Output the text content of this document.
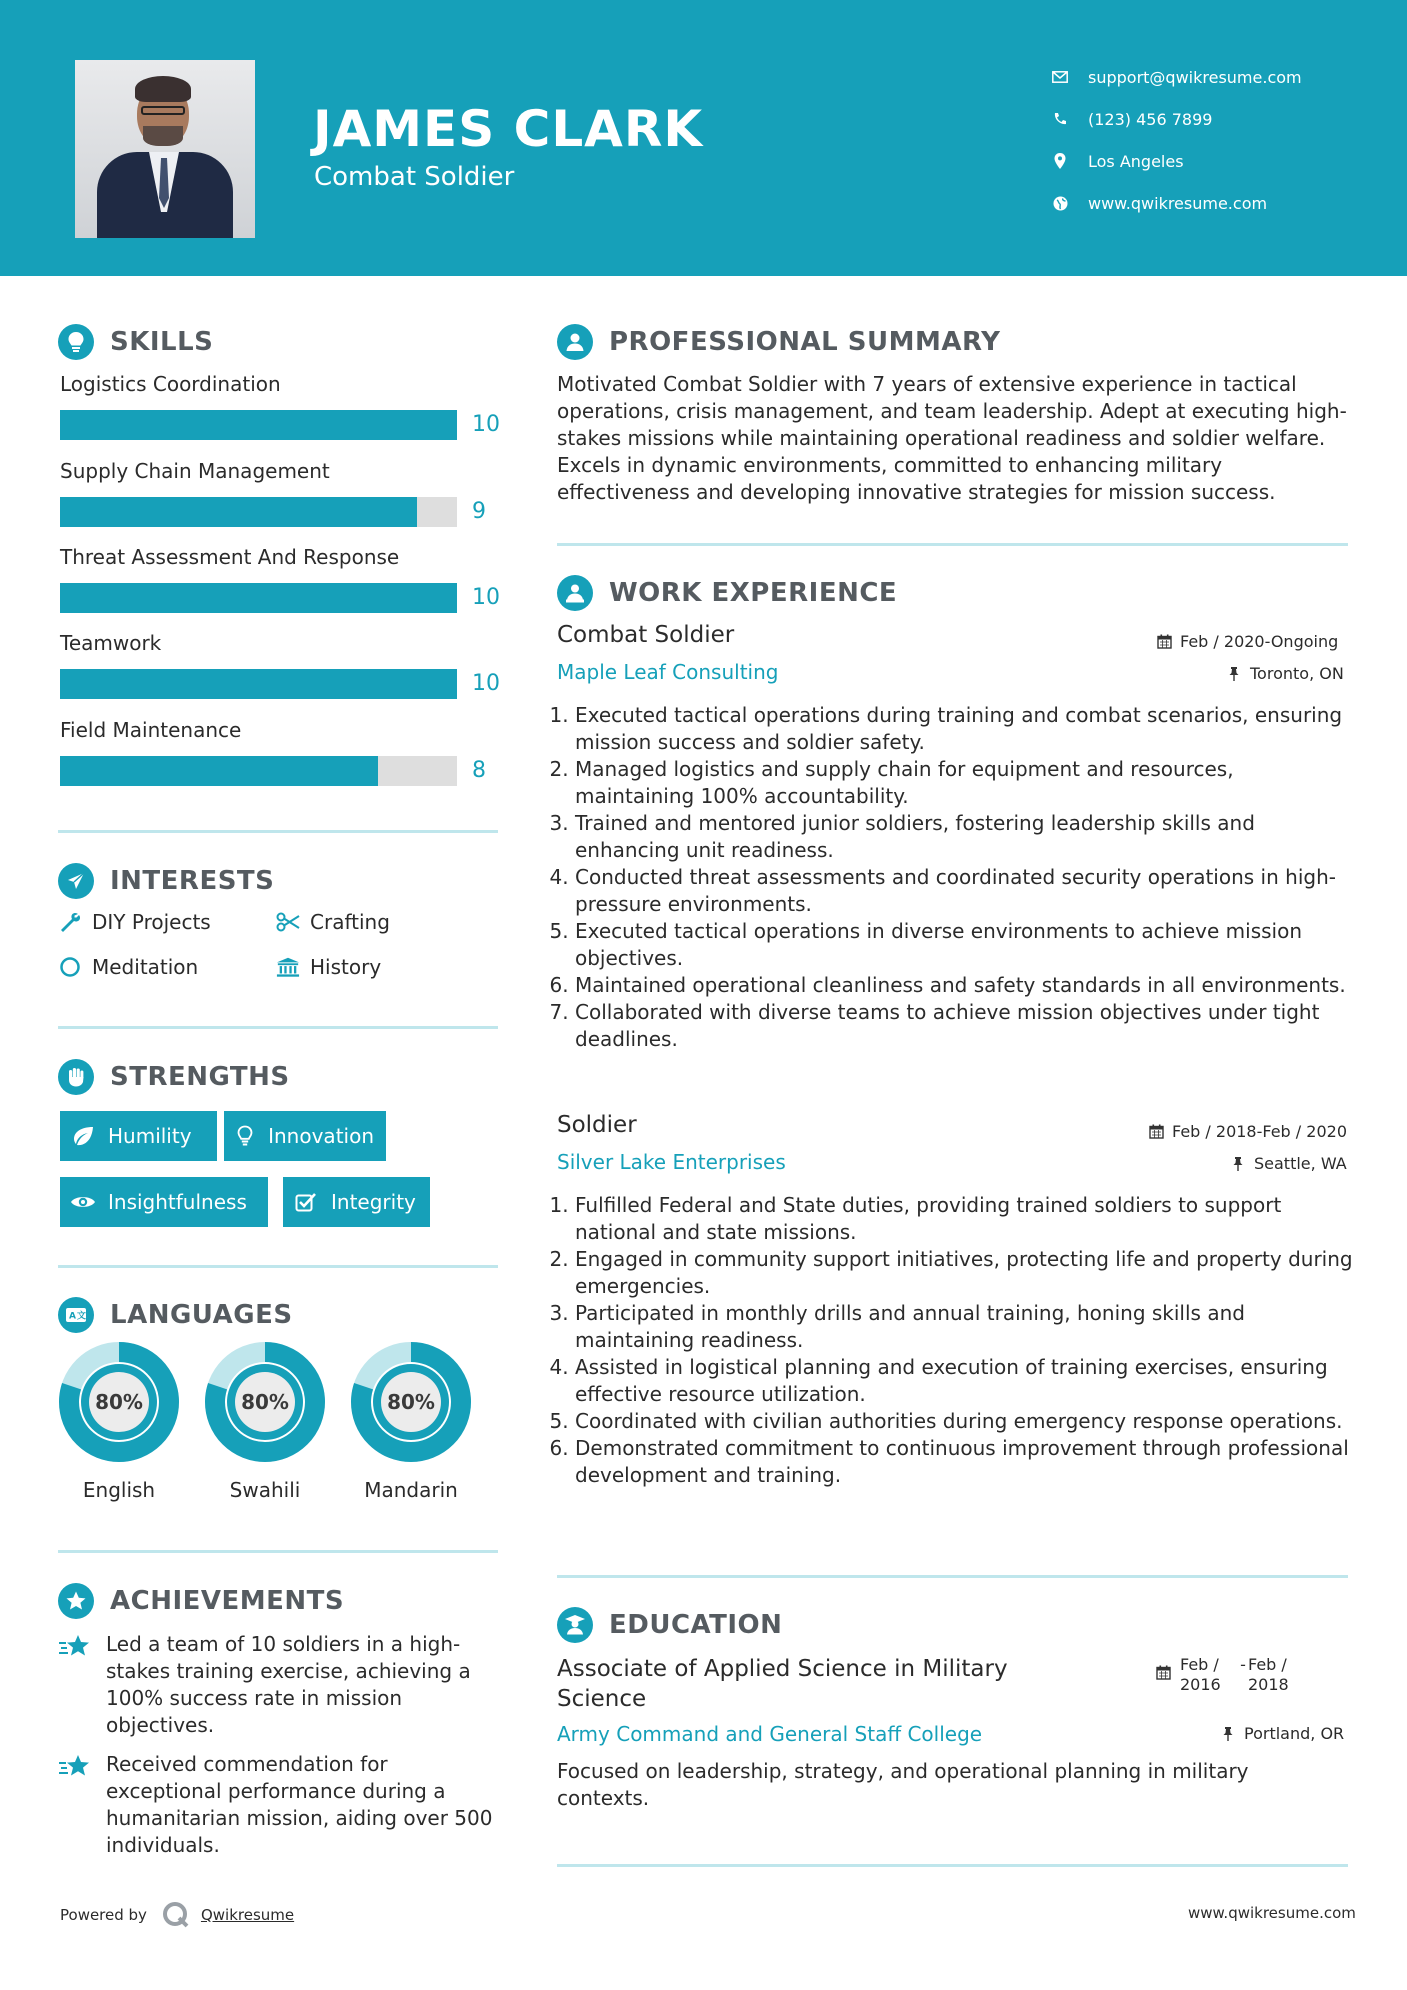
JAMES CLARK
Combat Soldier
support@qwikresume.com
(123) 456 7899
Los Angeles
www.qwikresume.com
SKILLS
Logistics Coordination
10
Supply Chain Management
9
Threat Assessment And Response
10
Teamwork
10
Field Maintenance
8
INTERESTS
DIY Projects	Crafting
Meditation	History
STRENGTHS
Humility	Innovation
Insightfulness	Integrity
A 文 LANGUAGES
80%
English
80%
Swahili
80%
Mandarin
ACHIEVEMENTS
Led a team of 10 soldiers in a high-stakes training exercise, achieving a 100% success rate in mission objectives.
Received commendation for exceptional performance during a humanitarian mission, aiding over 500 individuals.
PROFESSIONAL SUMMARY
Motivated Combat Soldier with 7 years of extensive experience in tactical operations, crisis management, and team leadership. Adept at executing high-stakes missions while maintaining operational readiness and soldier welfare. Excels in dynamic environments, committed to enhancing military effectiveness and developing innovative strategies for mission success.
WORK EXPERIENCE
Combat Soldier	Feb / 2020-Ongoing
Maple Leaf Consulting	Toronto, ON
1. Executed tactical operations during training and combat scenarios, ensuring mission success and soldier safety.
2. Managed logistics and supply chain for equipment and resources, maintaining 100% accountability.
3. Trained and mentored junior soldiers, fostering leadership skills and enhancing unit readiness.
4. Conducted threat assessments and coordinated security operations in high-pressure environments.
5. Executed tactical operations in diverse environments to achieve mission objectives.
6. Maintained operational cleanliness and safety standards in all environments.
7. Collaborated with diverse teams to achieve mission objectives under tight deadlines.
Soldier	Feb / 2018-Feb / 2020
Silver Lake Enterprises	Seattle, WA
1. Fulfilled Federal and State duties, providing trained soldiers to support national and state missions.
2. Engaged in community support initiatives, protecting life and property during emergencies.
3. Participated in monthly drills and annual training, honing skills and maintaining readiness.
4. Assisted in logistical planning and execution of training exercises, ensuring effective resource utilization.
5. Coordinated with civilian authorities during emergency response operations.
6. Demonstrated commitment to continuous improvement through professional development and training.
EDUCATION
Associate of Applied Science in Military Science
Feb / 2016
- Feb / 2018
Army Command and General Staff College	Portland, OR
Focused on leadership, strategy, and operational planning in military contexts.
Powered by	Qwikresume	www.qwikresume.com
